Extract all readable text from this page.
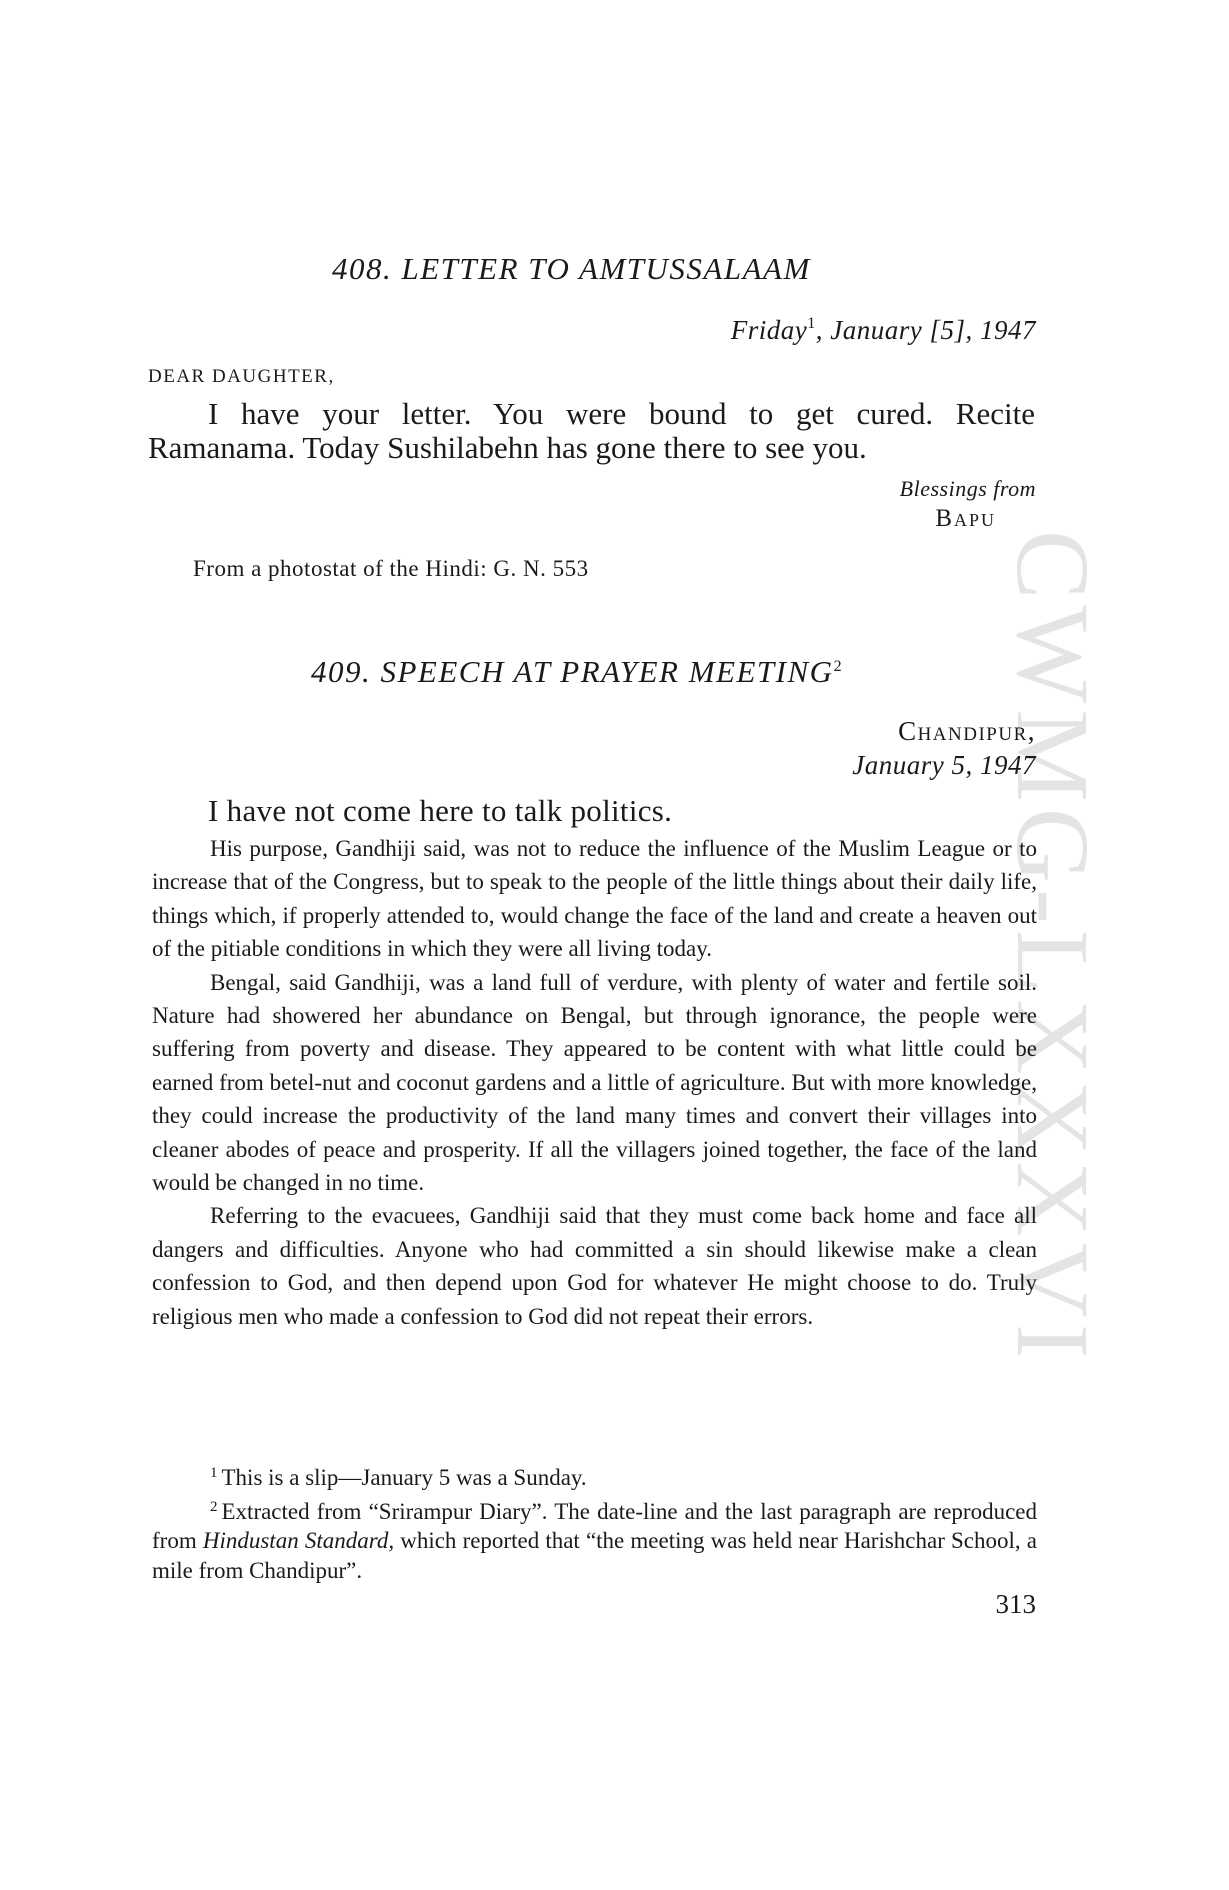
CWMG-LXXXVI
408. LETTER TO AMTUSSALAAM
Friday$^1$, January [5], 1947
DEAR DAUGHTER,
I have your letter. You were bound to get cured. Recite Ramanama. Today Sushilabehn has gone there to see you.
Blessings from
Bapu
From a photostat of the Hindi: G. N. 553
409. SPEECH AT PRAYER MEETING$^2$
Chandipur,
January 5, 1947
I have not come here to talk politics.

His purpose, Gandhiji said, was not to reduce the influence of the Muslim League or to increase that of the Congress, but to speak to the people of the little things about their daily life, things which, if properly attended to, would change the face of the land and create a heaven out of the pitiable conditions in which they were all living today.

Bengal, said Gandhiji, was a land full of verdure, with plenty of water and fertile soil. Nature had showered her abundance on Bengal, but through ignorance, the people were suffering from poverty and disease. They appeared to be content with what little could be earned from betel-nut and coconut gardens and a little of agriculture. But with more knowledge, they could increase the productivity of the land many times and convert their villages into cleaner abodes of peace and prosperity. If all the villagers joined together, the face of the land would be changed in no time.

Referring to the evacuees, Gandhiji said that they must come back home and face all dangers and difficulties. Anyone who had committed a sin should likewise make a clean confession to God, and then depend upon God for whatever He might choose to do. Truly religious men who made a confession to God did not repeat their errors.

$^1$ This is a slip—January 5 was a Sunday.

$^2$ Extracted from “Srirampur Diary”. The date-line and the last paragraph are reproduced from Hindustan Standard, which reported that “the meeting was held near Harishchar School, a mile from Chandipur”.

313
